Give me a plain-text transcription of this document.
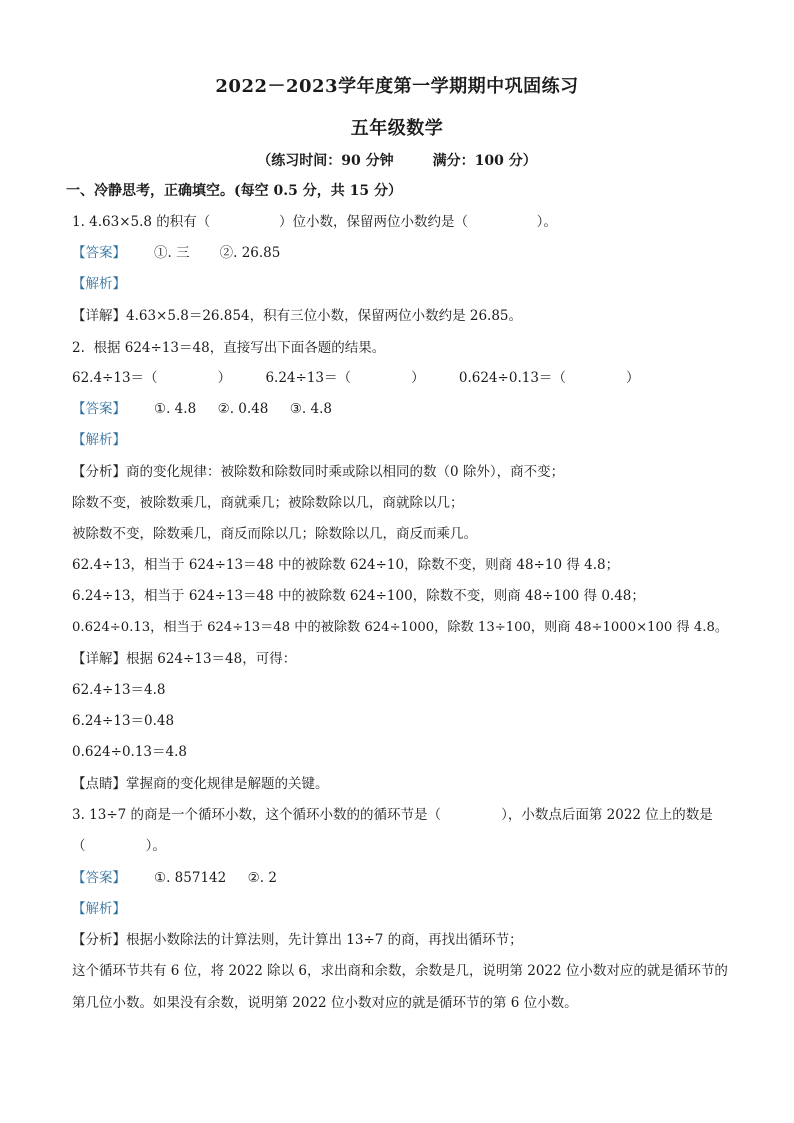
2022－2023学年度第一学期期中巩固练习
五年级数学
（练习时间：90 分钟        满分：100 分）
一、冷静思考，正确填空。(每空 0.5 分，共 15 分）
1. 4.63×5.8 的积有（                ）位小数，保留两位小数约是（                ）。
【答案】 ①. 三       ②. 26.85
【解析】
【详解】4.63×5.8＝26.854，积有三位小数，保留两位小数约是 26.85。
2.  根据 624÷13＝48，直接写出下面各题的结果。
62.4÷13＝（              ）        6.24÷13＝（              ）        0.624÷0.13＝（              ）
【答案】 ①. 4.8     ②. 0.48     ③. 4.8
【解析】
【分析】商的变化规律：被除数和除数同时乘或除以相同的数（0 除外），商不变；
除数不变，被除数乘几，商就乘几；被除数除以几，商就除以几；
被除数不变，除数乘几，商反而除以几；除数除以几，商反而乘几。
62.4÷13，相当于 624÷13＝48 中的被除数 624÷10，除数不变，则商 48÷10 得 4.8；
6.24÷13，相当于 624÷13＝48 中的被除数 624÷100，除数不变，则商 48÷100 得 0.48；
0.624÷0.13，相当于 624÷13＝48 中的被除数 624÷1000，除数 13÷100，则商 48÷1000×100 得 4.8。
【详解】根据 624÷13＝48，可得：
62.4÷13＝4.8
6.24÷13＝0.48
0.624÷0.13＝4.8
【点睛】掌握商的变化规律是解题的关键。
3. 13÷7 的商是一个循环小数，这个循环小数的的循环节是（              ），小数点后面第 2022 位上的数是
（              ）。
【答案】 ①. 857142     ②. 2
【解析】
【分析】根据小数除法的计算法则，先计算出 13÷7 的商，再找出循环节；
这个循环节共有 6 位，将 2022 除以 6，求出商和余数，余数是几，说明第 2022 位小数对应的就是循环节的
第几位小数。如果没有余数，说明第 2022 位小数对应的就是循环节的第 6 位小数。
